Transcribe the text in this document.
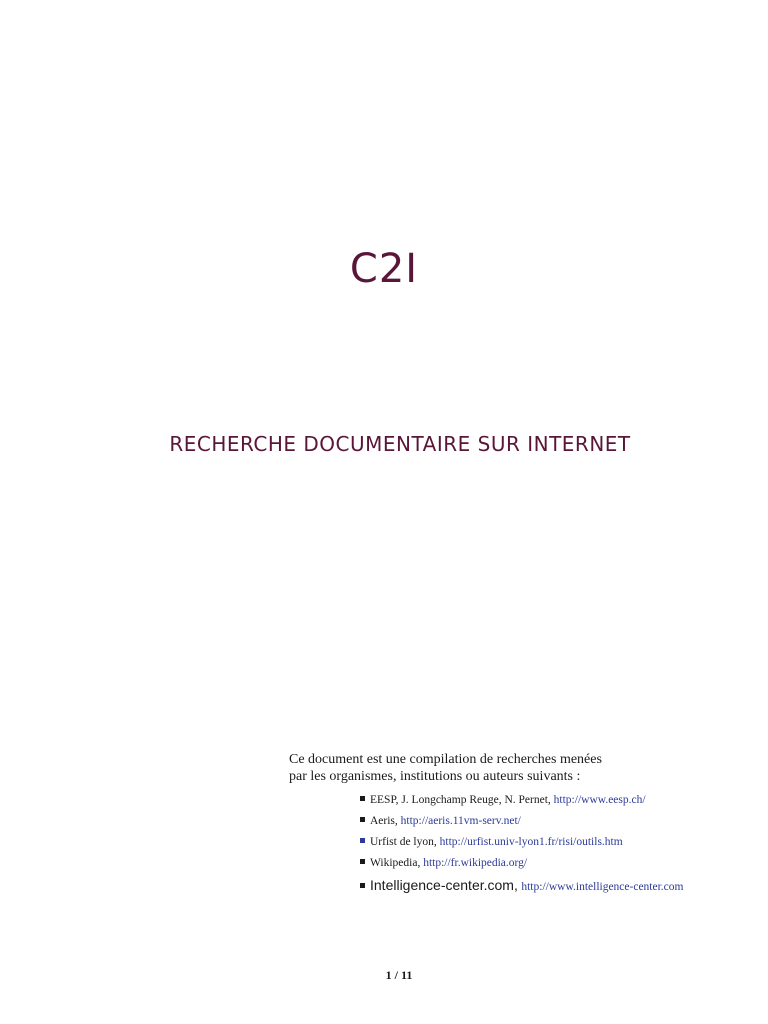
C2I
RECHERCHE DOCUMENTAIRE SUR INTERNET
Ce document est une compilation de recherches menées
par les organismes, institutions ou auteurs suivants :
EESP, J. Longchamp Reuge, N. Pernet, http://www.eesp.ch/
Aeris, http://aeris.11vm-serv.net/
Urfist de lyon, http://urfist.univ-lyon1.fr/risi/outils.htm
Wikipedia, http://fr.wikipedia.org/
Intelligence-center.com, http://www.intelligence-center.com
1 / 11
